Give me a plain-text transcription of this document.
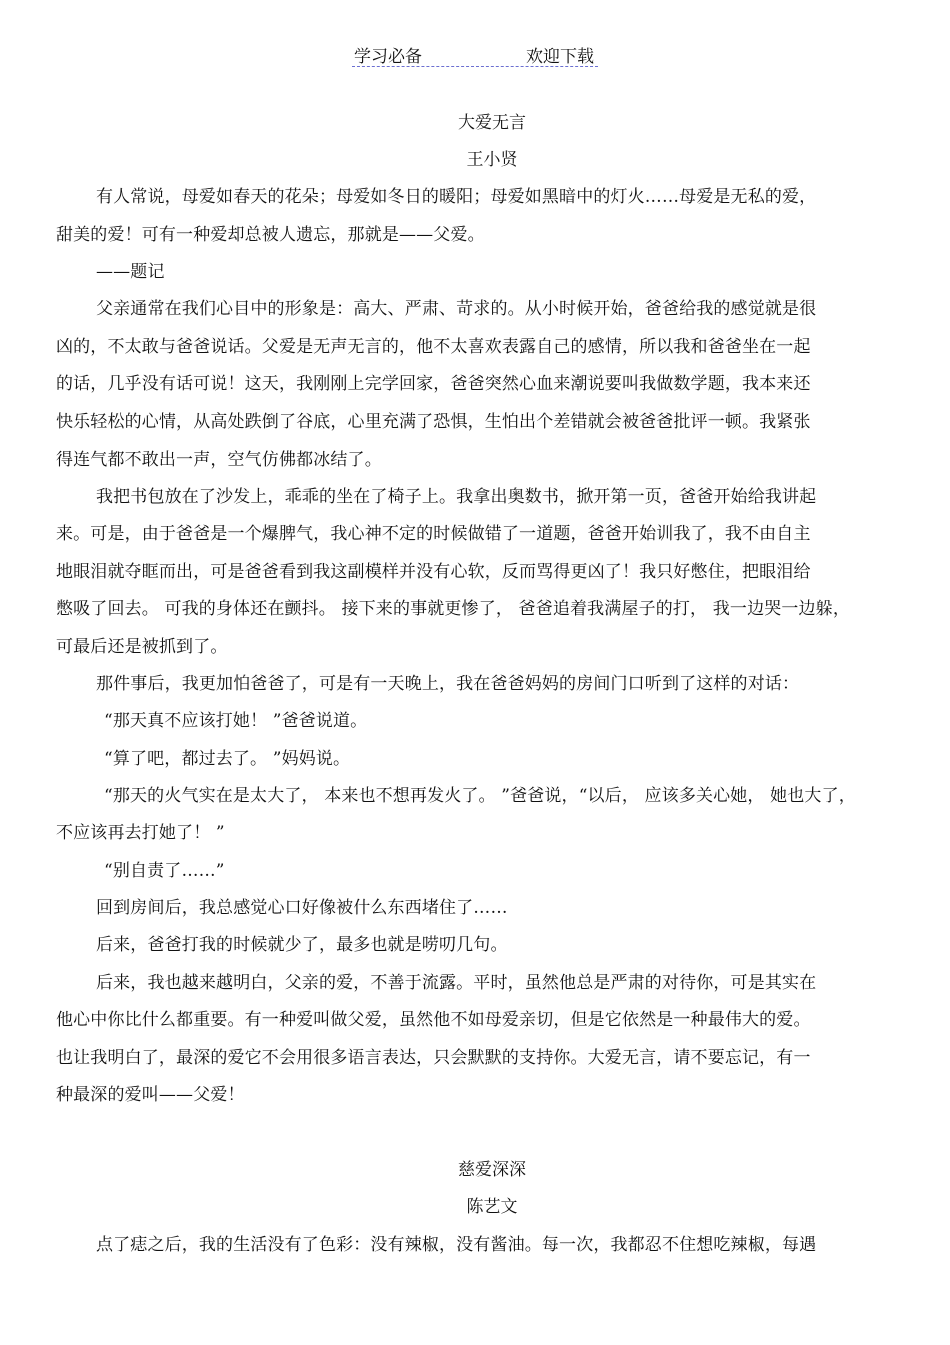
学习必备	欢迎下载
大爱无言
王小贤
有人常说，母爱如春天的花朵；母爱如冬日的暖阳；母爱如黑暗中的灯火……母爱是无私的爱，
甜美的爱！可有一种爱却总被人遗忘，那就是——父爱。
——题记
父亲通常在我们心目中的形象是：高大、严肃、苛求的。从小时候开始，爸爸给我的感觉就是很
凶的，不太敢与爸爸说话。父爱是无声无言的，他不太喜欢表露自己的感情，所以我和爸爸坐在一起
的话，几乎没有话可说！这天，我刚刚上完学回家，爸爸突然心血来潮说要叫我做数学题，我本来还
快乐轻松的心情，从高处跌倒了谷底，心里充满了恐惧，生怕出个差错就会被爸爸批评一顿。我紧张
得连气都不敢出一声，空气仿佛都冰结了。
我把书包放在了沙发上，乖乖的坐在了椅子上。我拿出奥数书，掀开第一页，爸爸开始给我讲起
来。可是，由于爸爸是一个爆脾气，我心神不定的时候做错了一道题，爸爸开始训我了，我不由自主
地眼泪就夺眶而出，可是爸爸看到我这副模样并没有心软，反而骂得更凶了！我只好憋住，把眼泪给
憋吸了回去。 可我的身体还在颤抖。 接下来的事就更惨了， 爸爸追着我满屋子的打， 我一边哭一边躲，
可最后还是被抓到了。
那件事后，我更加怕爸爸了，可是有一天晚上，我在爸爸妈妈的房间门口听到了这样的对话：
“那天真不应该打她！ ”爸爸说道。
“算了吧，都过去了。 ”妈妈说。
“那天的火气实在是太大了， 本来也不想再发火了。 ”爸爸说，“以后， 应该多关心她， 她也大了，
不应该再去打她了！ ”
“别自责了……”
回到房间后，我总感觉心口好像被什么东西堵住了……
后来，爸爸打我的时候就少了，最多也就是唠叨几句。
后来，我也越来越明白，父亲的爱，不善于流露。平时，虽然他总是严肃的对待你，可是其实在
他心中你比什么都重要。有一种爱叫做父爱，虽然他不如母爱亲切，但是它依然是一种最伟大的爱。
也让我明白了，最深的爱它不会用很多语言表达，只会默默的支持你。大爱无言，请不要忘记，有一
种最深的爱叫——父爱！
慈爱深深
陈艺文
点了痣之后，我的生活没有了色彩：没有辣椒，没有酱油。每一次，我都忍不住想吃辣椒，每遇
